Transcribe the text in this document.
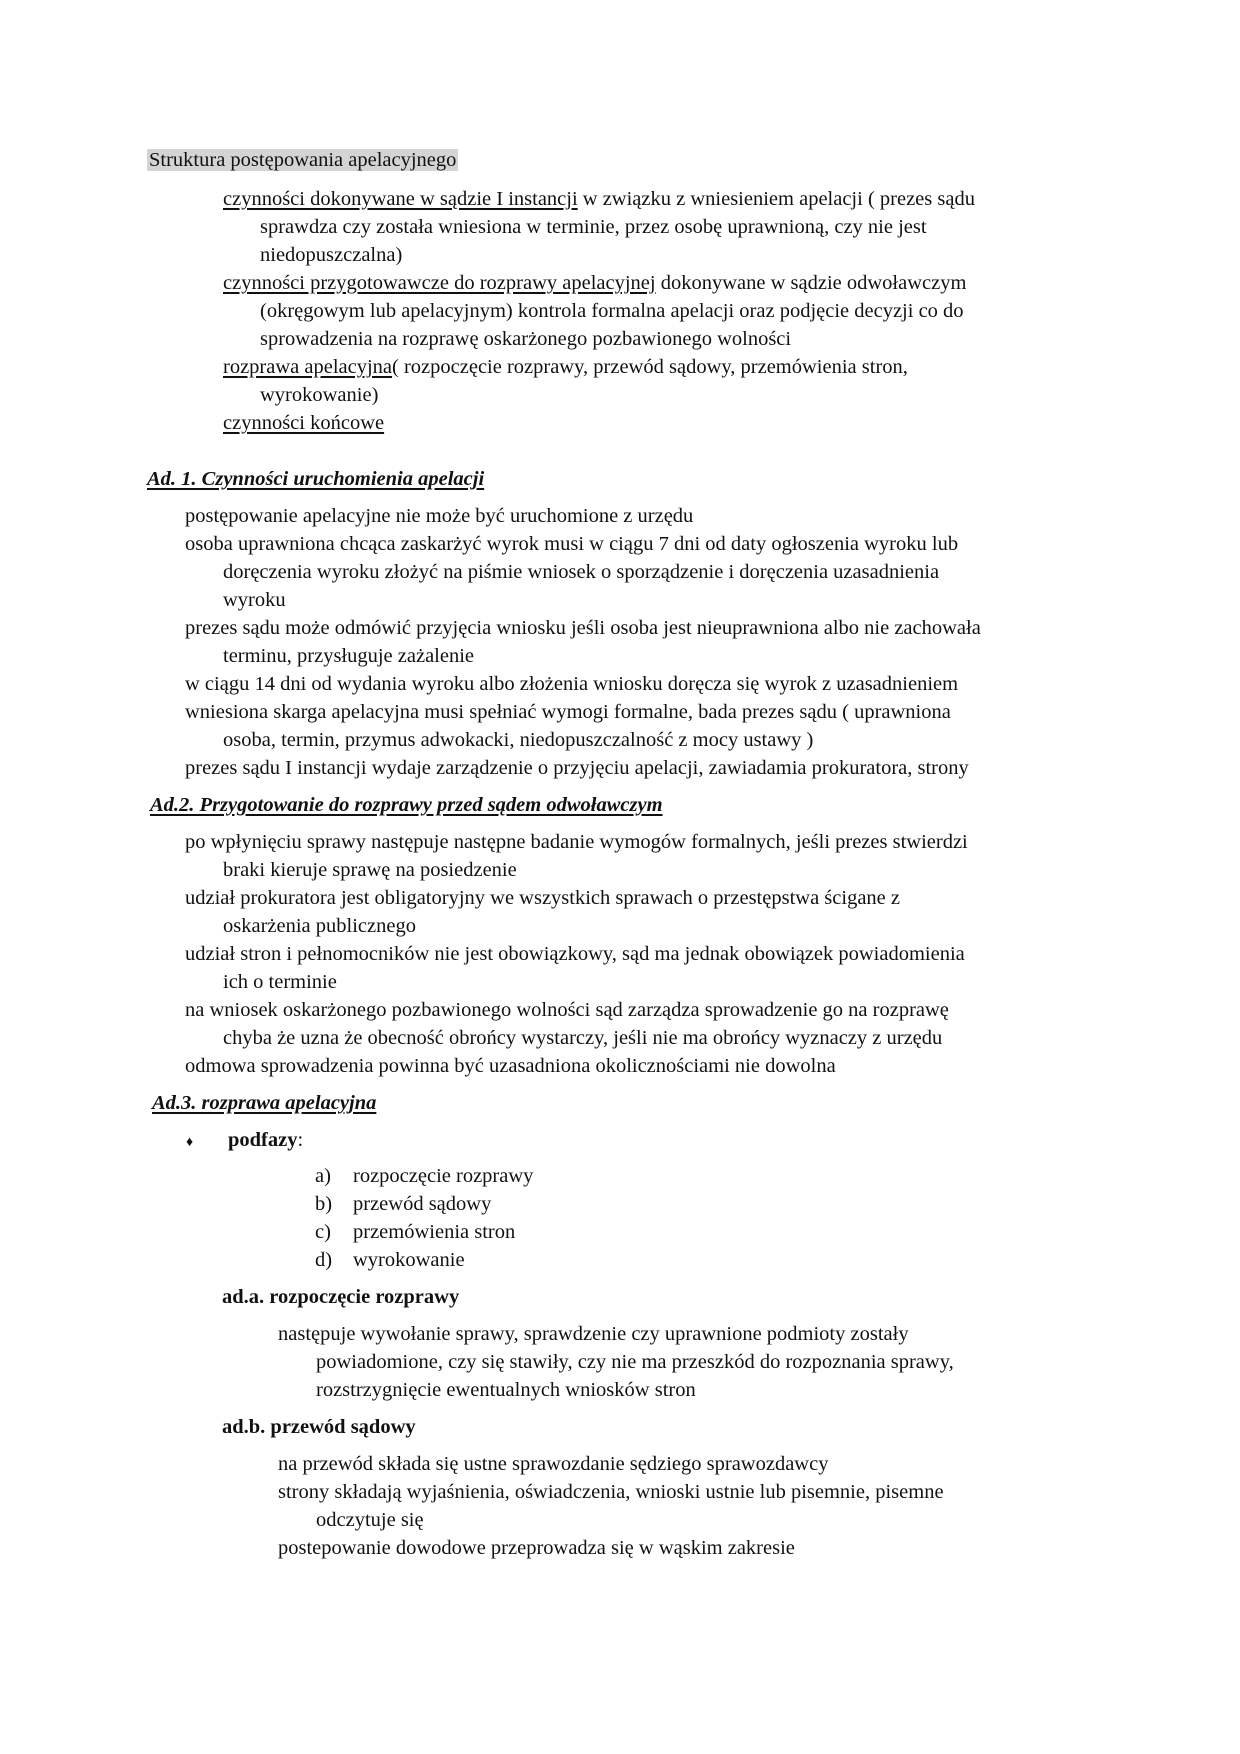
Struktura postępowania apelacyjnego
czynności dokonywane w sądzie I instancji w związku z wniesieniem apelacji ( prezes sądu
sprawdza czy została wniesiona w terminie, przez osobę uprawnioną, czy nie jest
niedopuszczalna)
czynności przygotowawcze do rozprawy apelacyjnej dokonywane w sądzie odwoławczym
(okręgowym lub apelacyjnym) kontrola formalna apelacji oraz podjęcie decyzji co do
sprowadzenia na rozprawę oskarżonego pozbawionego wolności
rozprawa apelacyjna( rozpoczęcie rozprawy, przewód sądowy, przemówienia stron,
wyrokowanie)
czynności końcowe
Ad. 1. Czynności uruchomienia apelacji
postępowanie apelacyjne nie może być uruchomione z urzędu
osoba uprawniona chcąca zaskarżyć wyrok musi w ciągu 7 dni od daty ogłoszenia wyroku lub
doręczenia wyroku złożyć na piśmie wniosek o sporządzenie i doręczenia uzasadnienia
wyroku
prezes sądu może odmówić przyjęcia wniosku jeśli osoba jest nieuprawniona albo nie zachowała
terminu, przysługuje zażalenie
w ciągu 14 dni od wydania wyroku albo złożenia wniosku doręcza się wyrok z uzasadnieniem
wniesiona skarga apelacyjna musi spełniać wymogi formalne, bada prezes sądu ( uprawniona
osoba, termin, przymus adwokacki, niedopuszczalność z mocy ustawy )
prezes sądu I instancji wydaje zarządzenie o przyjęciu apelacji, zawiadamia prokuratora, strony
Ad.2. Przygotowanie do rozprawy przed sądem odwoławczym
po wpłynięciu sprawy następuje następne badanie wymogów formalnych, jeśli prezes stwierdzi
braki kieruje sprawę na posiedzenie
udział prokuratora jest obligatoryjny we wszystkich sprawach o przestępstwa ścigane z
oskarżenia publicznego
udział stron i pełnomocników nie jest obowiązkowy, sąd ma jednak obowiązek powiadomienia
ich o terminie
na wniosek oskarżonego pozbawionego wolności sąd zarządza sprowadzenie go na rozprawę
chyba że uzna że obecność obrońcy wystarczy, jeśli nie ma obrońcy wyznaczy z urzędu
odmowa sprowadzenia powinna być uzasadniona okolicznościami nie dowolna
Ad.3. rozprawa apelacyjna
♦ podfazy:
a) rozpoczęcie rozprawy
b) przewód sądowy
c) przemówienia stron
d) wyrokowanie
ad.a. rozpoczęcie rozprawy
następuje wywołanie sprawy, sprawdzenie czy uprawnione podmioty zostały
powiadomione, czy się stawiły, czy nie ma przeszkód do rozpoznania sprawy,
rozstrzygnięcie ewentualnych wniosków stron
ad.b. przewód sądowy
na przewód składa się ustne sprawozdanie sędziego sprawozdawcy
strony składają wyjaśnienia, oświadczenia, wnioski ustnie lub pisemnie, pisemne
odczytuje się
postepowanie dowodowe przeprowadza się w wąskim zakresie
